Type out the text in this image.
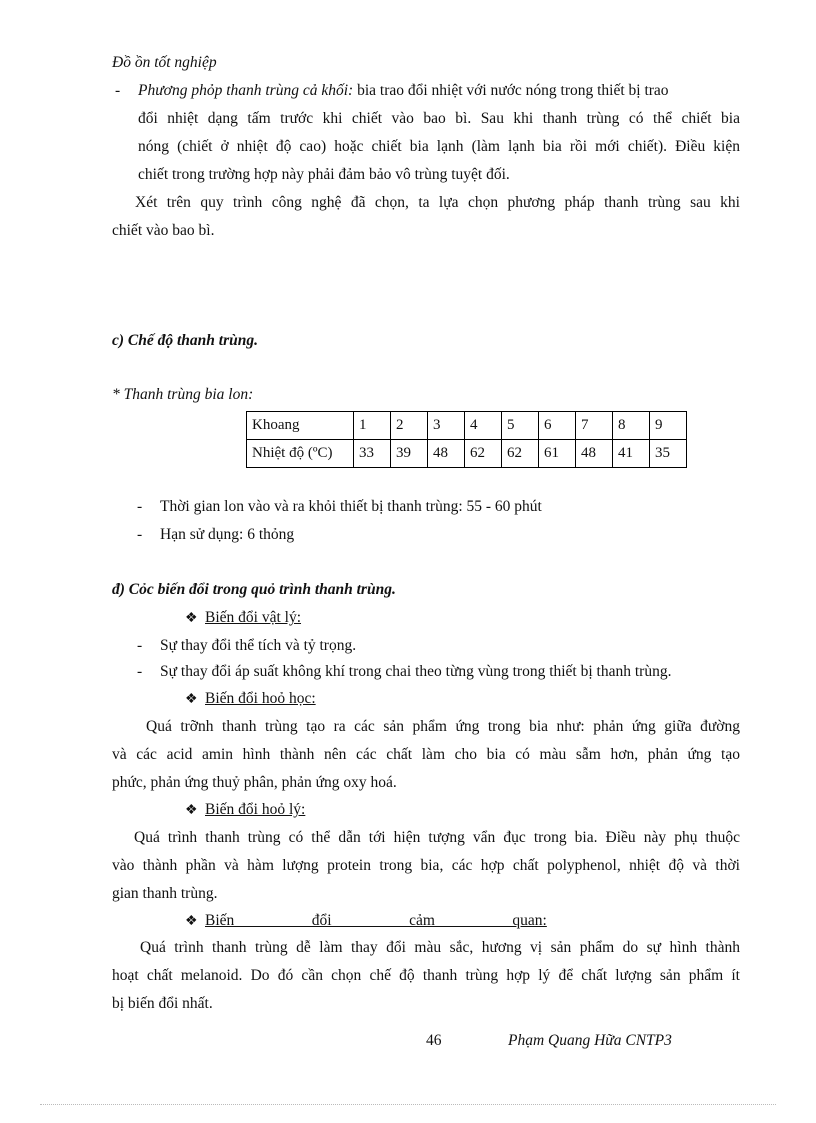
Đồ ồn tốt nghiệp
- Phương phỏp thanh trùng cả khối: bia trao đổi nhiệt với nước nóng trong thiết bị trao
đổi nhiệt dạng tấm trước khi chiết vào bao bì. Sau khi thanh trùng có thể chiết bia
nóng (chiết ở nhiệt độ cao) hoặc chiết bia lạnh (làm lạnh bia rồi mới chiết). Điều kiện
chiết trong trường hợp này phải đảm bảo vô trùng tuyệt đối.
Xét trên quy trình công nghệ đã chọn, ta lựa chọn phương pháp thanh trùng sau khi
chiết vào bao bì.
c) Chế độ thanh trùng.
* Thanh trùng bia lon:
Khoang	1	2	3	4	5	6	7	8	9
Nhiệt độ (ºC)	33	39	48	62	62	61	48	41	35
- Thời gian lon vào và ra khỏi thiết bị thanh trùng: 55 - 60 phút
- Hạn sử dụng: 6 thỏng
đ) Cỏc biến đổi trong quỏ trình thanh trùng.
❖ Biến đổi vật lý:
- Sự thay đổi thể tích và tỷ trọng.
- Sự thay đổi áp suất không khí trong chai theo từng vùng trong thiết bị thanh trùng.
❖ Biến đổi hoỏ học:
Quá trỡnh thanh trùng tạo ra các sản phẩm ứng trong bia như: phản ứng giữa đường
và các acid amin hình thành nên các chất làm cho bia có màu sẫm hơn, phản ứng tạo
phức, phản ứng thuỷ phân, phản ứng oxy hoá.
❖ Biến đổi hoỏ lý:
Quá trình thanh trùng có thể dẫn tới hiện tượng vẩn đục trong bia. Điều này phụ thuộc
vào thành phần và hàm lượng protein trong bia, các hợp chất polyphenol, nhiệt độ và thời
gian thanh trùng.
❖ Biến                    đổi                    cảm                    quan:
Quá trình thanh trùng dễ làm thay đổi màu sắc, hương vị sản phẩm do sự hình thành
hoạt chất melanoid. Do đó cần chọn chế độ thanh trùng hợp lý để chất lượng sản phẩm ít
bị biến đổi nhất.
46	Phạm Quang Hữa CNTP3
